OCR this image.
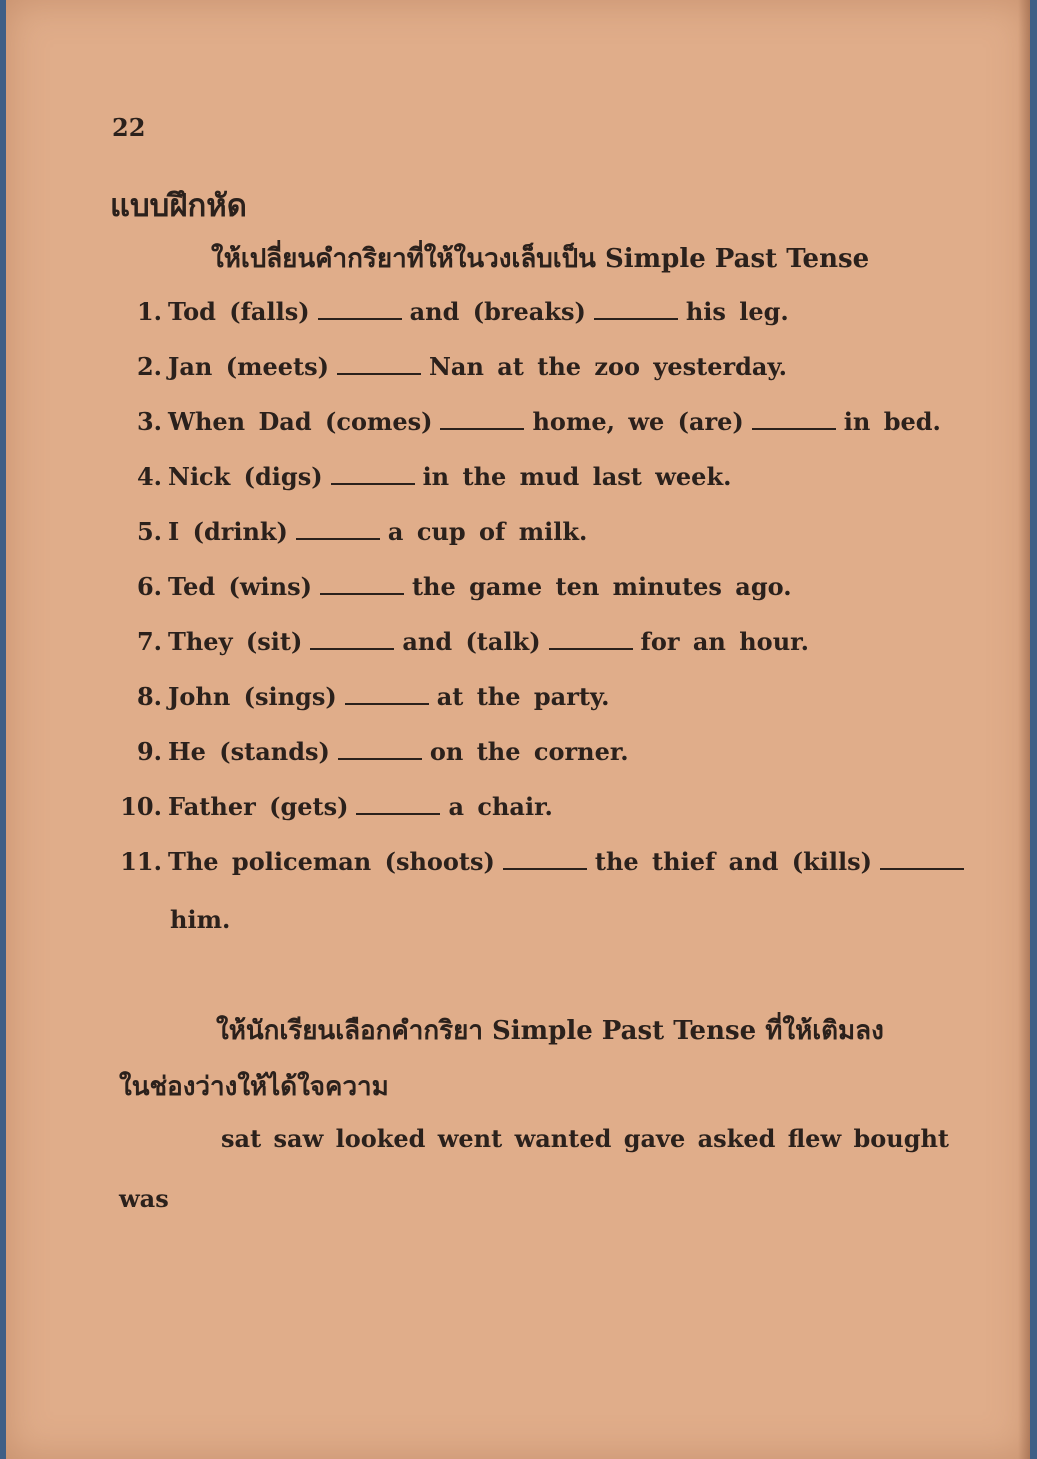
22
แบบฝึกหัด
ให้เปลี่ยนคำกริยาที่ให้ในวงเล็บเป็น Simple Past Tense
1. Tod (falls)	and (breaks)	his leg.
2. Jan (meets)	Nan at the zoo yesterday.
3. When Dad (comes)	home, we (are)	in bed.
4. Nick (digs)	in the mud last week.
5. I (drink)	a cup of milk.
6. Ted (wins)	the game ten minutes ago.
7. They (sit)	and (talk)	for an hour.
8. John (sings)	at the party.
9. He (stands)	on the corner.
10. Father (gets)	a chair.
11. The policeman (shoots)	the thief and (kills)
him.
ให้นักเรียนเลือกคำกริยา Simple Past Tense ที่ให้เติมลง
ในช่องว่างให้ได้ใจความ
sat saw looked went wanted gave asked flew bought
was
